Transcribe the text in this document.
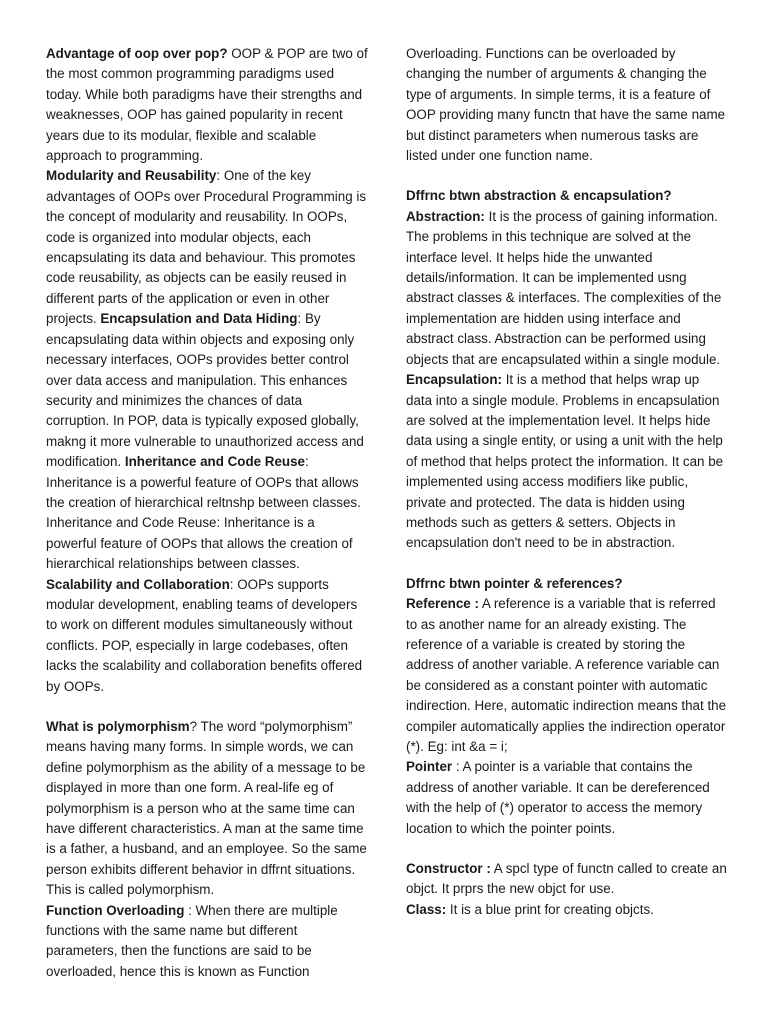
Advantage of oop over pop? OOP & POP are two of the most common programming paradigms used today. While both paradigms have their strengths and weaknesses, OOP has gained popularity in recent years due to its modular, flexible and scalable approach to programming.

Modularity and Reusability: One of the key advantages of OOPs over Procedural Programming is the concept of modularity and reusability. In OOPs, code is organized into modular objects, each encapsulating its data and behaviour. This promotes code reusability, as objects can be easily reused in different parts of the application or even in other projects. Encapsulation and Data Hiding: By encapsulating data within objects and exposing only necessary interfaces, OOPs provides better control over data access and manipulation. This enhances security and minimizes the chances of data corruption. In POP, data is typically exposed globally, makng it more vulnerable to unauthorized access and modification. Inheritance and Code Reuse: Inheritance is a powerful feature of OOPs that allows the creation of hierarchical reltnshp between classes. Inheritance and Code Reuse: Inheritance is a powerful feature of OOPs that allows the creation of hierarchical relationships between classes. Scalability and Collaboration: OOPs supports modular development, enabling teams of developers to work on different modules simultaneously without conflicts. POP, especially in large codebases, often lacks the scalability and collaboration benefits offered by OOPs.

What is polymorphism? The word “polymorphism” means having many forms. In simple words, we can define polymorphism as the ability of a message to be displayed in more than one form. A real-life eg of polymorphism is a person who at the same time can have different characteristics. A man at the same time is a father, a husband, and an employee. So the same person exhibits different behavior in dffrnt situations. This is called polymorphism.

Function Overloading : When there are multiple functions with the same name but different parameters, then the functions are said to be overloaded, hence this is known as Function

Overloading. Functions can be overloaded by changing the number of arguments & changing the type of arguments. In simple terms, it is a feature of OOP providing many functn that have the same name but distinct parameters when numerous tasks are listed under one function name.

Dffrnc btwn abstraction & encapsulation?

Abstraction: It is the process of gaining information. The problems in this technique are solved at the interface level. It helps hide the unwanted details/information. It can be implemented usng abstract classes & interfaces. The complexities of the implementation are hidden using interface and abstract class. Abstraction can be performed using objects that are encapsulated within a single module. Encapsulation: It is a method that helps wrap up data into a single module. Problems in encapsulation are solved at the implementation level. It helps hide data using a single entity, or using a unit with the help of method that helps protect the information. It can be implemented using access modifiers like public, private and protected. The data is hidden using methods such as getters & setters. Objects in encapsulation don't need to be in abstraction.

Dffrnc btwn pointer & references?

Reference : A reference is a variable that is referred to as another name for an already existing. The reference of a variable is created by storing the address of another variable. A reference variable can be considered as a constant pointer with automatic indirection. Here, automatic indirection means that the compiler automatically applies the indirection operator (*). Eg: int &a = i;

Pointer : A pointer is a variable that contains the address of another variable. It can be dereferenced with the help of (*) operator to access the memory location to which the pointer points.

Constructor : A spcl type of functn called to create an objct. It prprs the new objct for use.

Class: It is a blue print for creating objcts.
